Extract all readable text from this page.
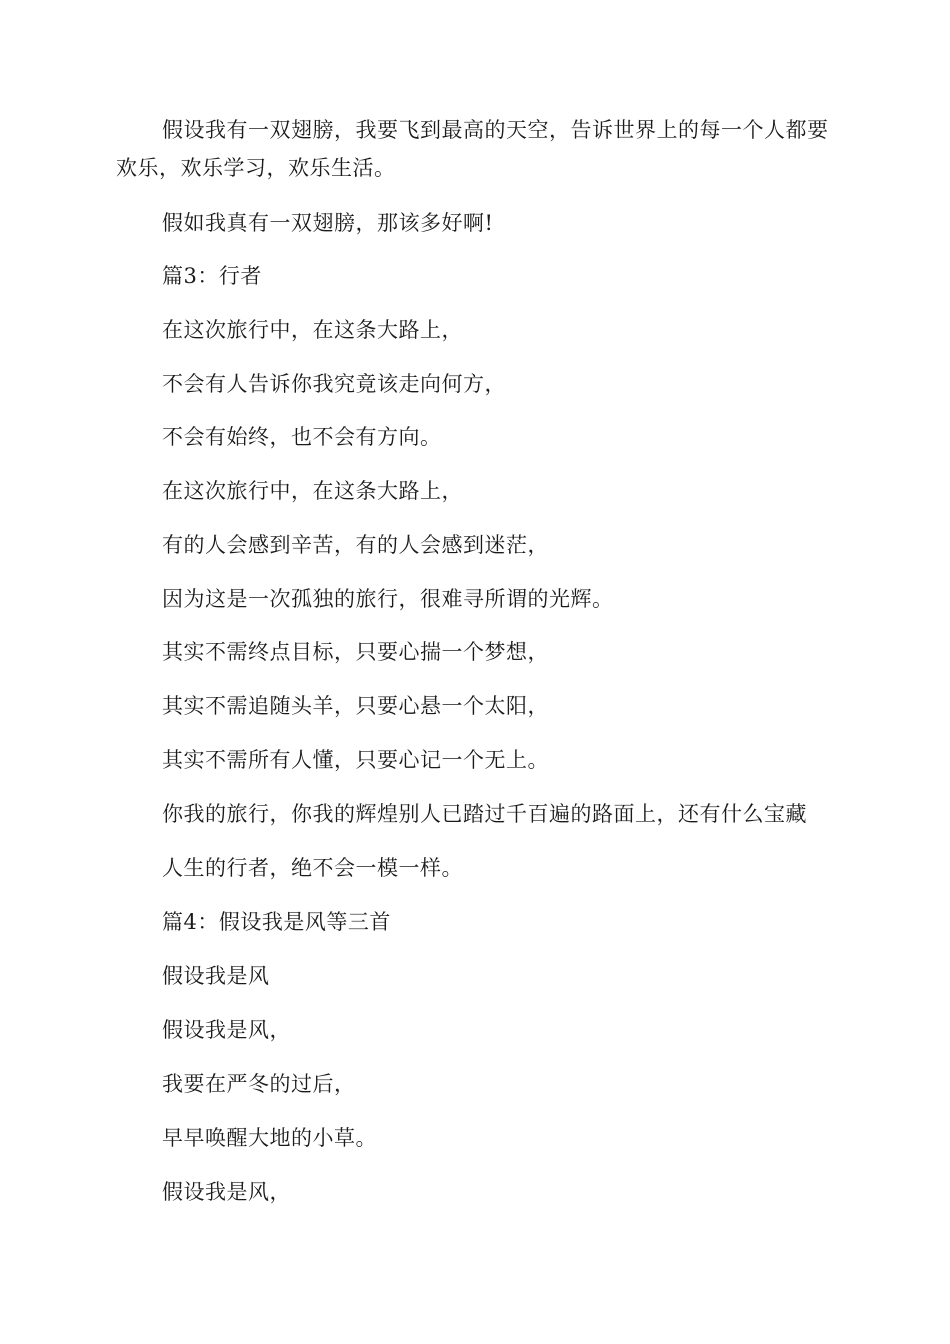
假设我有一双翅膀，我要飞到最高的天空，告诉世界上的每一个人都要欢乐，欢乐学习，欢乐生活。

假如我真有一双翅膀，那该多好啊!

篇3：行者

在这次旅行中，在这条大路上，

不会有人告诉你我究竟该走向何方，

不会有始终，也不会有方向。

在这次旅行中，在这条大路上，

有的人会感到辛苦，有的人会感到迷茫，

因为这是一次孤独的旅行，很难寻所谓的光辉。

其实不需终点目标，只要心揣一个梦想，

其实不需追随头羊，只要心悬一个太阳，

其实不需所有人懂，只要心记一个无上。

你我的旅行，你我的辉煌别人已踏过千百遍的路面上，还有什么宝藏

人生的行者，绝不会一模一样。

篇4：假设我是风等三首

假设我是风

假设我是风，

我要在严冬的过后，

早早唤醒大地的小草。

假设我是风，
